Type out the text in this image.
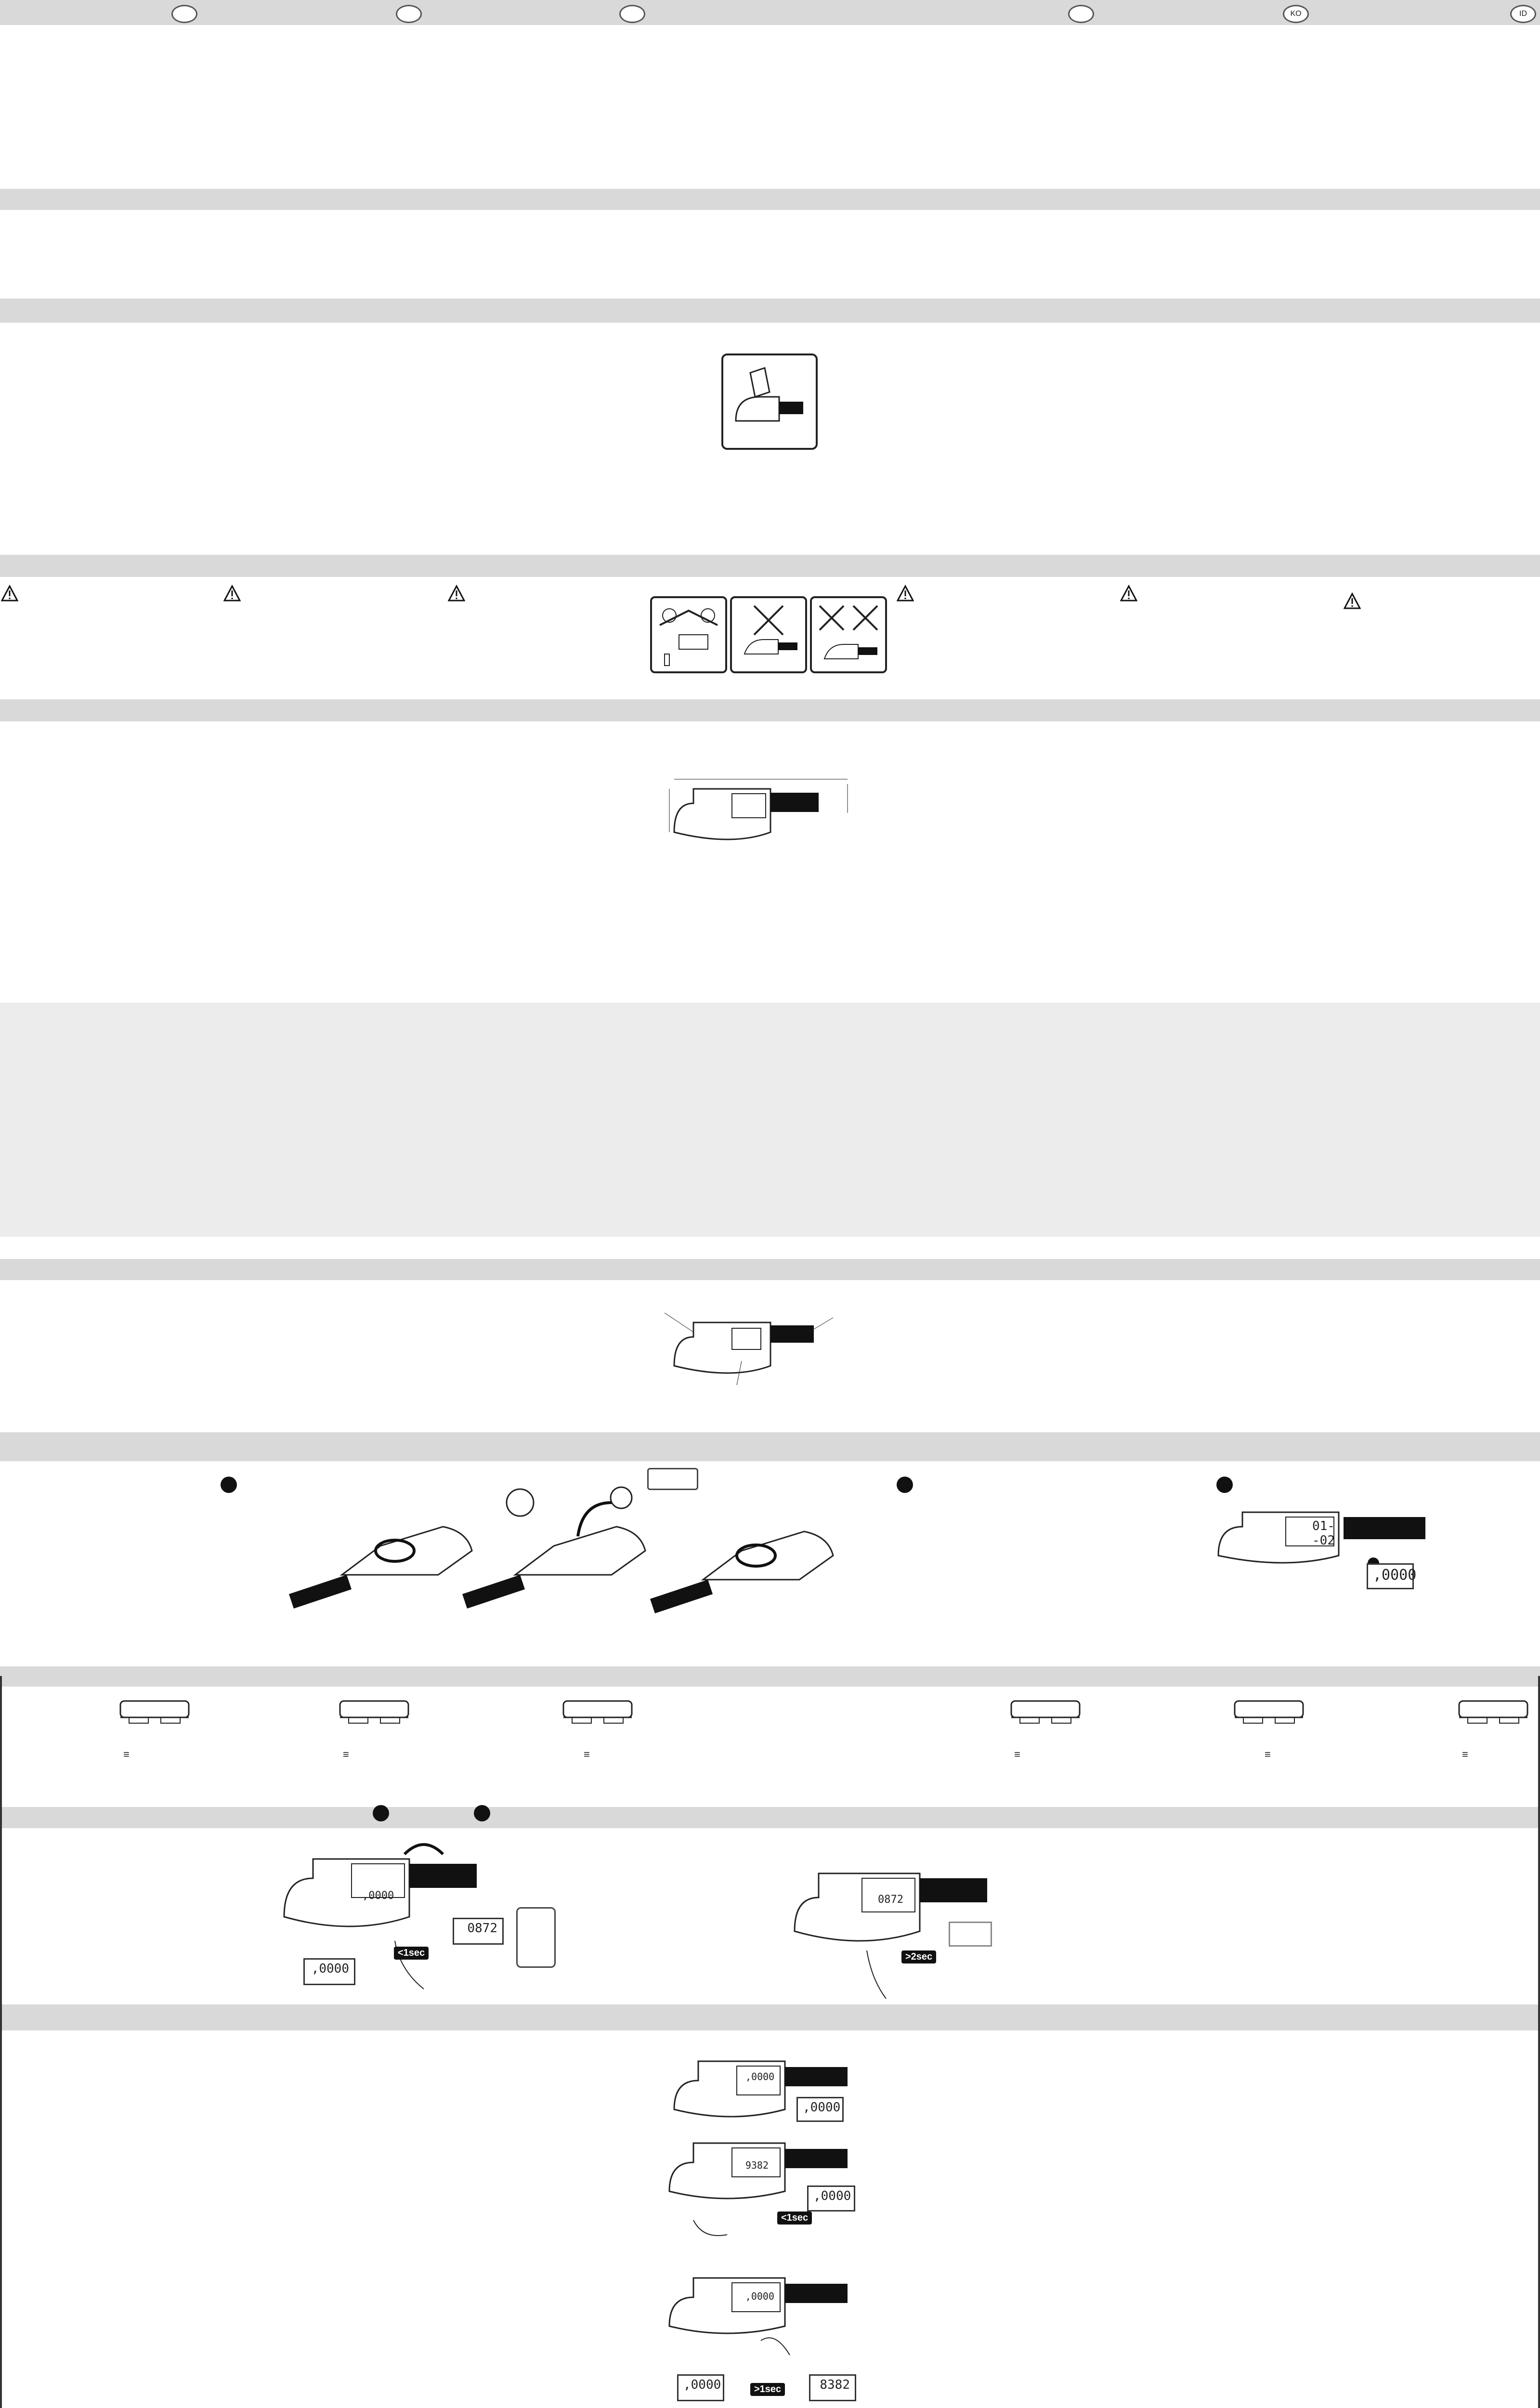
KO	ID
01--02
,0000
≡	≡	≡	≡	≡	≡
,0000
<1sec
0872
,0000
0872
>2sec
,0000
,0000
9382
<1sec
,0000
,0000
,0000	>1sec	8382
